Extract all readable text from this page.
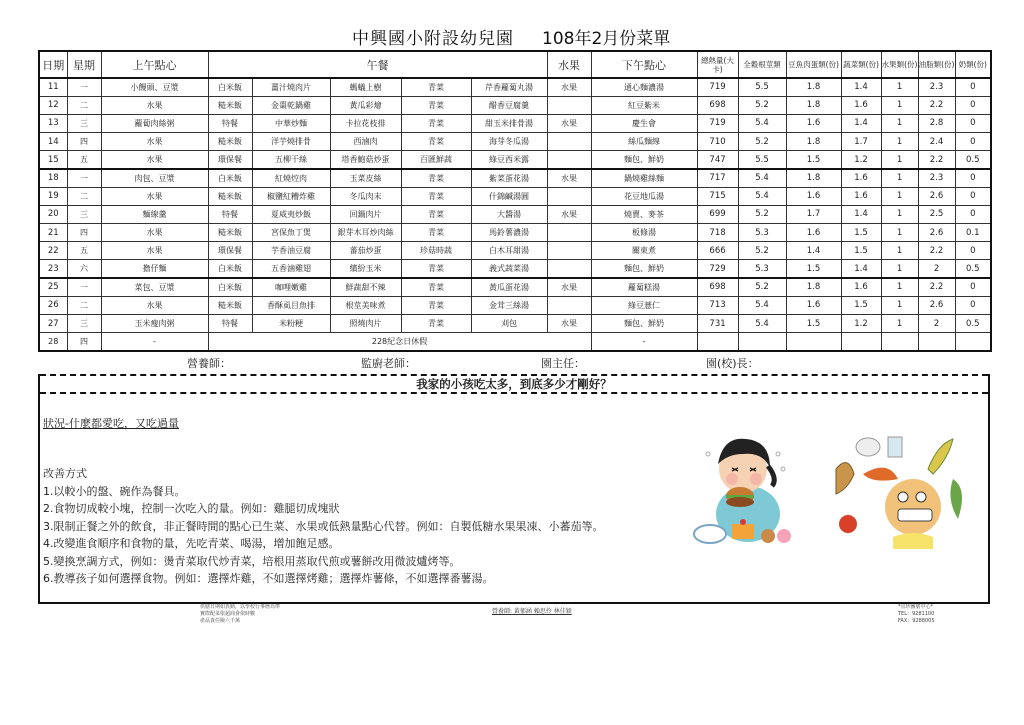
中興國小附設幼兒園 108年2月份菜單
日期	星期	上午點心	午餐					水果	下午點心	總熱量(大卡)	全穀根莖類	豆魚肉蛋類(份)	蔬菜類(份)	水果類(份)	油脂類(份)	奶類(份)
11	一	小饅頭、豆漿	白米飯	薑汁燒肉片	螞蟻上樹	青菜	芹香蘿蔔丸湯	水果	通心麵濃湯	719	5.5	1.8	1.4	1	2.3	0
12	二	水果	糙米飯	金棗乾鍋雞	黃瓜彩燴	青菜	醋香豆腐羹		紅豆紫米	698	5.2	1.8	1.6	1	2.2	0
13	三	蘿蔔肉絲粥	特餐	中華炒麵	卡拉花枝排	青菜	甜玉米排骨湯	水果	慶生會	719	5.4	1.6	1.4	1	2.8	0
14	四	水果	糙米飯	洋芋燒排骨	西滷肉	青菜	海芽冬瓜湯		絲瓜麵線	710	5.2	1.8	1.7	1	2.4	0
15	五	水果	環保餐	五柳干絲	塔香鮑菇炒蛋	百匯鮮蔬	綠豆西米露		麵包、鮮奶	747	5.5	1.5	1.2	1	2.2	0.5
18	一	肉包、豆漿	白米飯	紅燒焢肉	玉菜皮絲	青菜	紫菜蛋花湯	水果	鍋燒雞絲麵	717	5.4	1.8	1.6	1	2.3	0
19	二	水果	糙米飯	椒鹽紅糟炸雞	冬瓜肉末	青菜	什錦鹹湯圓		花豆地瓜湯	715	5.4	1.6	1.6	1	2.6	0
20	三	麵線羹	特餐	夏威夷炒飯	回鍋肉片	青菜	大醬湯	水果	燒賣、麥茶	699	5.2	1.7	1.4	1	2.5	0
21	四	水果	糙米飯	宮保魚丁煲	銀芽木耳炒肉絲	青菜	馬鈴薯濃湯		板條湯	718	5.3	1.6	1.5	1	2.6	0.1
22	五	水果	環保餐	芋香油豆腐	蕃茄炒蛋	珍菇時蔬	白木耳甜湯		關東煮	666	5.2	1.4	1.5	1	2.2	0
23	六	擔仔麵	白米飯	五香滷雞翅	繽紛玉米	青菜	義式蔬菜湯		麵包、鮮奶	729	5.3	1.5	1.4	1	2	0.5
25	一	菜包、豆漿	白米飯	咖哩嫩雞	鮮蔬甜不辣	青菜	黃瓜蛋花湯	水果	蘿蔔糕湯	698	5.2	1.8	1.6	1	2.2	0
26	二	水果	糙米飯	香酥虱目魚排	根莖美味煮	青菜	金茸三絲湯		綠豆薏仁	713	5.4	1.6	1.5	1	2.6	0
27	三	玉米瘦肉粥	特餐	米粉粳	照燒肉片	青菜	刈包	水果	麵包、鮮奶	731	5.4	1.5	1.2	1	2	0.5
28	四	-	228紀念日休假						-							
營養師：	監廚老師：	園主任：	園(校)長：
我家的小孩吃太多，到底多少才剛好？
狀況-什麼都愛吃，又吃過量
改善方式
1.以較小的盤、碗作為餐具。
2.食物切成較小塊，控制一次吃入的量。例如：雞腿切成塊狀
3.限制正餐之外的飲食，非正餐時間的點心已生菜、水果或低熱量點心代替。例如：自製低糖水果果凍、小蕃茄等。
4.改變進食順序和食物的量，先吃青菜、喝湯，增加飽足感。
5.變換烹調方式，例如：燙青菜取代炒青菜，培根用蒸取代煎或薯餅改用微波爐烤等。
6.教導孩子如何選擇食物。例如：選擇炸雞，不如選擇烤雞；選擇炸薯條，不如選擇番薯湯。
供膳日期如異動，以學校行事曆為準
實際配菜依超商會依時數
產品責任險六千萬
營養師: 黃郁涵 賴思伶 林佳穎
*宜珍團膳中心*
TEL：9281100
FAX：9288005
